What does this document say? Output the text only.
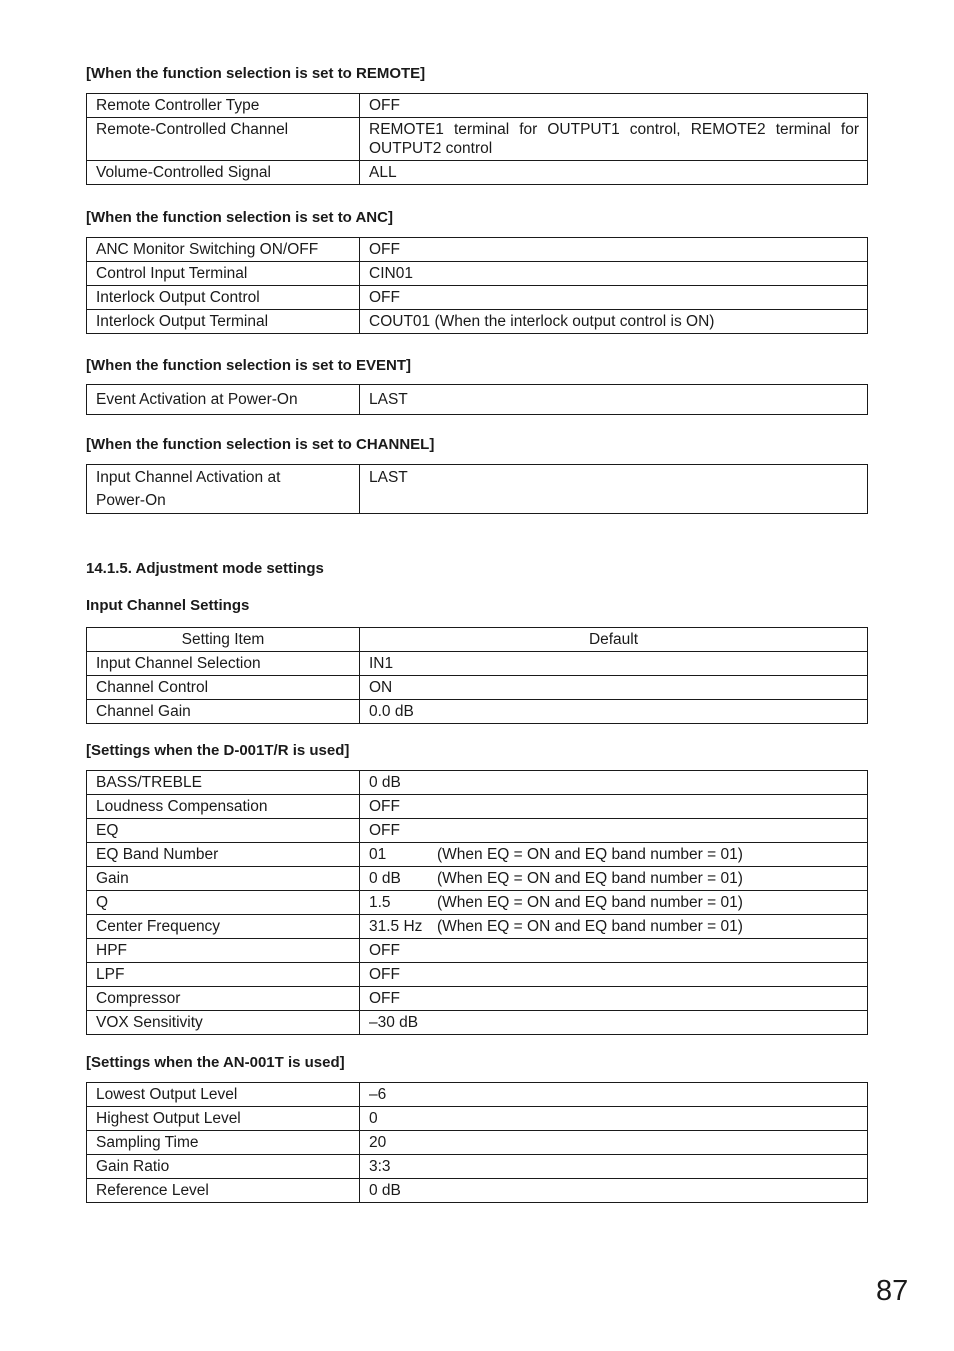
[When the function selection is set to REMOTE]
Remote Controller Type	OFF
Remote-Controlled Channel	REMOTE1 terminal for OUTPUT1 control, REMOTE2 terminal for OUTPUT2 control
Volume-Controlled Signal	ALL
[When the function selection is set to ANC]
ANC Monitor Switching ON/OFF	OFF
Control Input Terminal	CIN01
Interlock Output Control	OFF
Interlock Output Terminal	COUT01 (When the interlock output control is ON)
[When the function selection is set to EVENT]
Event Activation at Power-On	LAST
[When the function selection is set to CHANNEL]
Input Channel Activation at
Power-On	LAST
14.1.5. Adjustment mode settings
Input Channel Settings
Setting Item	Default
Input Channel Selection	IN1
Channel Control	ON
Channel Gain	0.0 dB
[Settings when the D-001T/R is used]
BASS/TREBLE	0 dB
Loudness Compensation	OFF
EQ	OFF
EQ Band Number	01 (When EQ = ON and EQ band number = 01)
Gain	0 dB (When EQ = ON and EQ band number = 01)
Q	1.5 (When EQ = ON and EQ band number = 01)
Center Frequency	31.5 Hz (When EQ = ON and EQ band number = 01)
HPF	OFF
LPF	OFF
Compressor	OFF
VOX Sensitivity	–30 dB
[Settings when the AN-001T is used]
Lowest Output Level	–6
Highest Output Level	0
Sampling Time	20
Gain Ratio	3:3
Reference Level	0 dB
87
